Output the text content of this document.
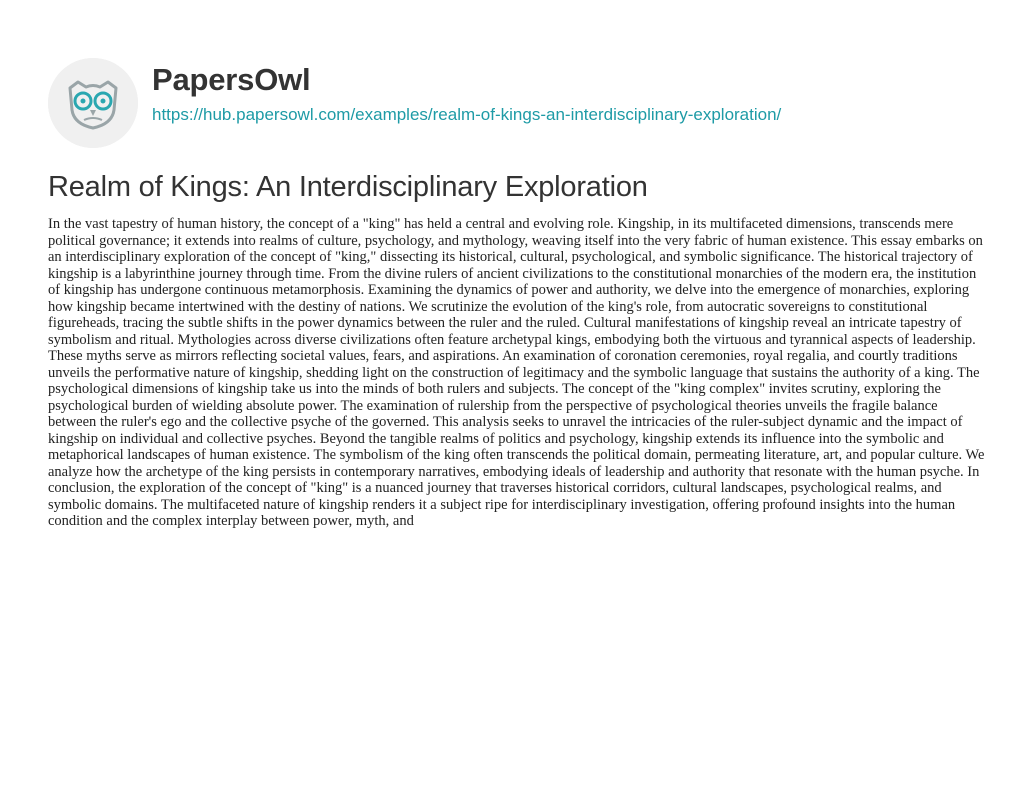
PapersOwl
https://hub.papersowl.com/examples/realm-of-kings-an-interdisciplinary-exploration/
Realm of Kings: An Interdisciplinary Exploration

In the vast tapestry of human history, the concept of a "king" has held a central and evolving role. Kingship, in its multifaceted dimensions, transcends mere political governance; it extends into realms of culture, psychology, and mythology, weaving itself into the very fabric of human existence. This essay embarks on an interdisciplinary exploration of the concept of "king," dissecting its historical, cultural, psychological, and symbolic significance. The historical trajectory of kingship is a labyrinthine journey through time. From the divine rulers of ancient civilizations to the constitutional monarchies of the modern era, the institution of kingship has undergone continuous metamorphosis. Examining the dynamics of power and authority, we delve into the emergence of monarchies, exploring how kingship became intertwined with the destiny of nations. We scrutinize the evolution of the king's role, from autocratic sovereigns to constitutional figureheads, tracing the subtle shifts in the power dynamics between the ruler and the ruled. Cultural manifestations of kingship reveal an intricate tapestry of symbolism and ritual. Mythologies across diverse civilizations often feature archetypal kings, embodying both the virtuous and tyrannical aspects of leadership. These myths serve as mirrors reflecting societal values, fears, and aspirations. An examination of coronation ceremonies, royal regalia, and courtly traditions unveils the performative nature of kingship, shedding light on the construction of legitimacy and the symbolic language that sustains the authority of a king. The psychological dimensions of kingship take us into the minds of both rulers and subjects. The concept of the "king complex" invites scrutiny, exploring the psychological burden of wielding absolute power. The examination of rulership from the perspective of psychological theories unveils the fragile balance between the ruler's ego and the collective psyche of the governed. This analysis seeks to unravel the intricacies of the ruler-subject dynamic and the impact of kingship on individual and collective psyches. Beyond the tangible realms of politics and psychology, kingship extends its influence into the symbolic and metaphorical landscapes of human existence. The symbolism of the king often transcends the political domain, permeating literature, art, and popular culture. We analyze how the archetype of the king persists in contemporary narratives, embodying ideals of leadership and authority that resonate with the human psyche. In conclusion, the exploration of the concept of "king" is a nuanced journey that traverses historical corridors, cultural landscapes, psychological realms, and symbolic domains. The multifaceted nature of kingship renders it a subject ripe for interdisciplinary investigation, offering profound insights into the human condition and the complex interplay between power, myth, and
